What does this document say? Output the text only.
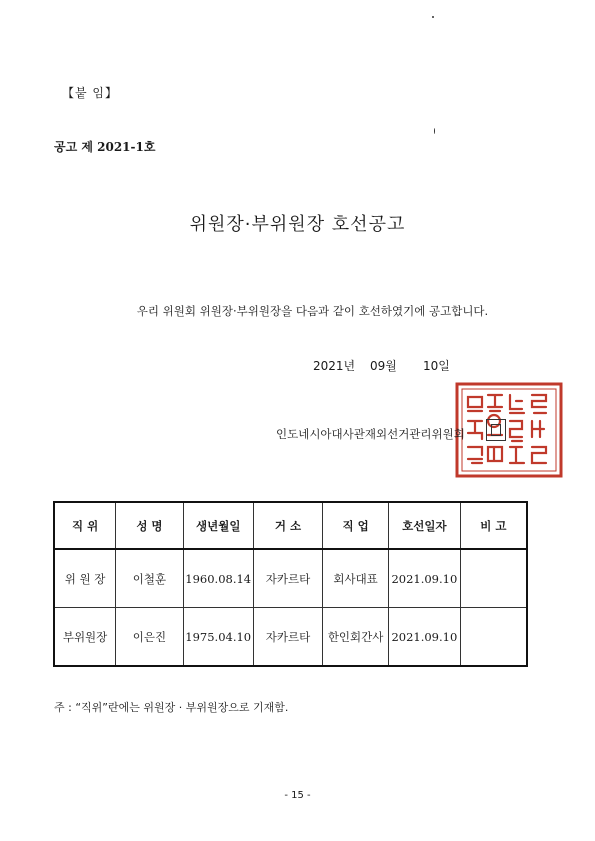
【붙 임】
공고 제 2021-1호
위원장·부위원장 호선공고
우리 위원회 위원장·부위원장을 다음과 같이 호선하였기에 공고합니다.
2021년 09월 10일
인도네시아대사관재외선거관리위원회
직 위	성 명	생년월일	거 소	직 업	호선일자	비 고
위 원 장	이철훈	1960.08.14	자카르타	회사대표	2021.09.10	
부위원장	이은진	1975.04.10	자카르타	한인회간사	2021.09.10	
주 : “직위”란에는 위원장 · 부위원장으로 기재함.
- 15 -
